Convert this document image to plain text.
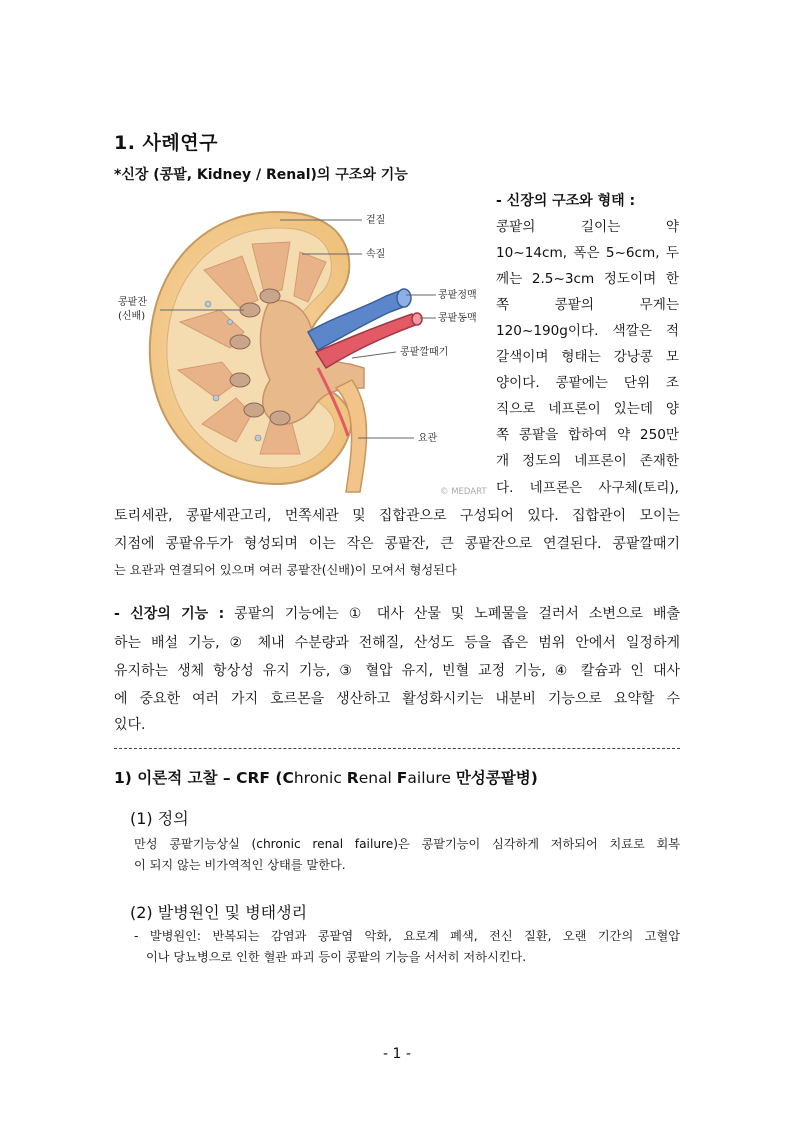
1. 사례연구
*신장 (콩팥, Kidney / Renal)의 구조와 기능
겉질
속질
콩팥정맥
콩팥동맥
콩팥깔때기
콩팥잔
(신배)
요관
© MEDART
- 신장의 구조와 형태 :
콩팥의 길이는 약
10~14cm, 폭은 5~6cm, 두
께는 2.5~3cm 정도이며 한
쪽 콩팥의 무게는
120~190g이다. 색깔은 적
갈색이며 형태는 강낭콩 모
양이다. 콩팥에는 단위 조
직으로 네프론이 있는데 양
쪽 콩팥을 합하여 약 250만
개 정도의 네프론이 존재한
다. 네프론은 사구체(토리),
토리세관, 콩팥세관고리, 먼쪽세관 및 집합관으로 구성되어 있다. 집합관이 모이는
지점에 콩팥유두가 형성되며 이는 작은 콩팥잔, 큰 콩팥잔으로 연결된다. 콩팥깔때기
는 요관과 연결되어 있으며 여러 콩팥잔(신배)이 모여서 형성된다
- 신장의 기능 : 콩팥의 기능에는 ① 대사 산물 및 노폐물을 걸러서 소변으로 배출
하는 배설 기능, ② 체내 수분량과 전해질, 산성도 등을 좁은 범위 안에서 일정하게
유지하는 생체 항상성 유지 기능, ③ 혈압 유지, 빈혈 교정 기능, ④ 칼슘과 인 대사
에 중요한 여러 가지 호르몬을 생산하고 활성화시키는 내분비 기능으로 요약할 수
있다.
1) 이론적 고찰 – CRF (Chronic Renal Failure 만성콩팥병)
(1) 정의
만성 콩팥기능상실 (chronic renal failure)은 콩팥기능이 심각하게 저하되어 치료로 회복
이 되지 않는 비가역적인 상태를 말한다.
(2) 발병원인 및 병태생리
- 발병원인: 반복되는 감염과 콩팥염 악화, 요로계 폐색, 전신 질환, 오랜 기간의 고혈압
이나 당뇨병으로 인한 혈관 파괴 등이 콩팥의 기능을 서서히 저하시킨다.
- 1 -
